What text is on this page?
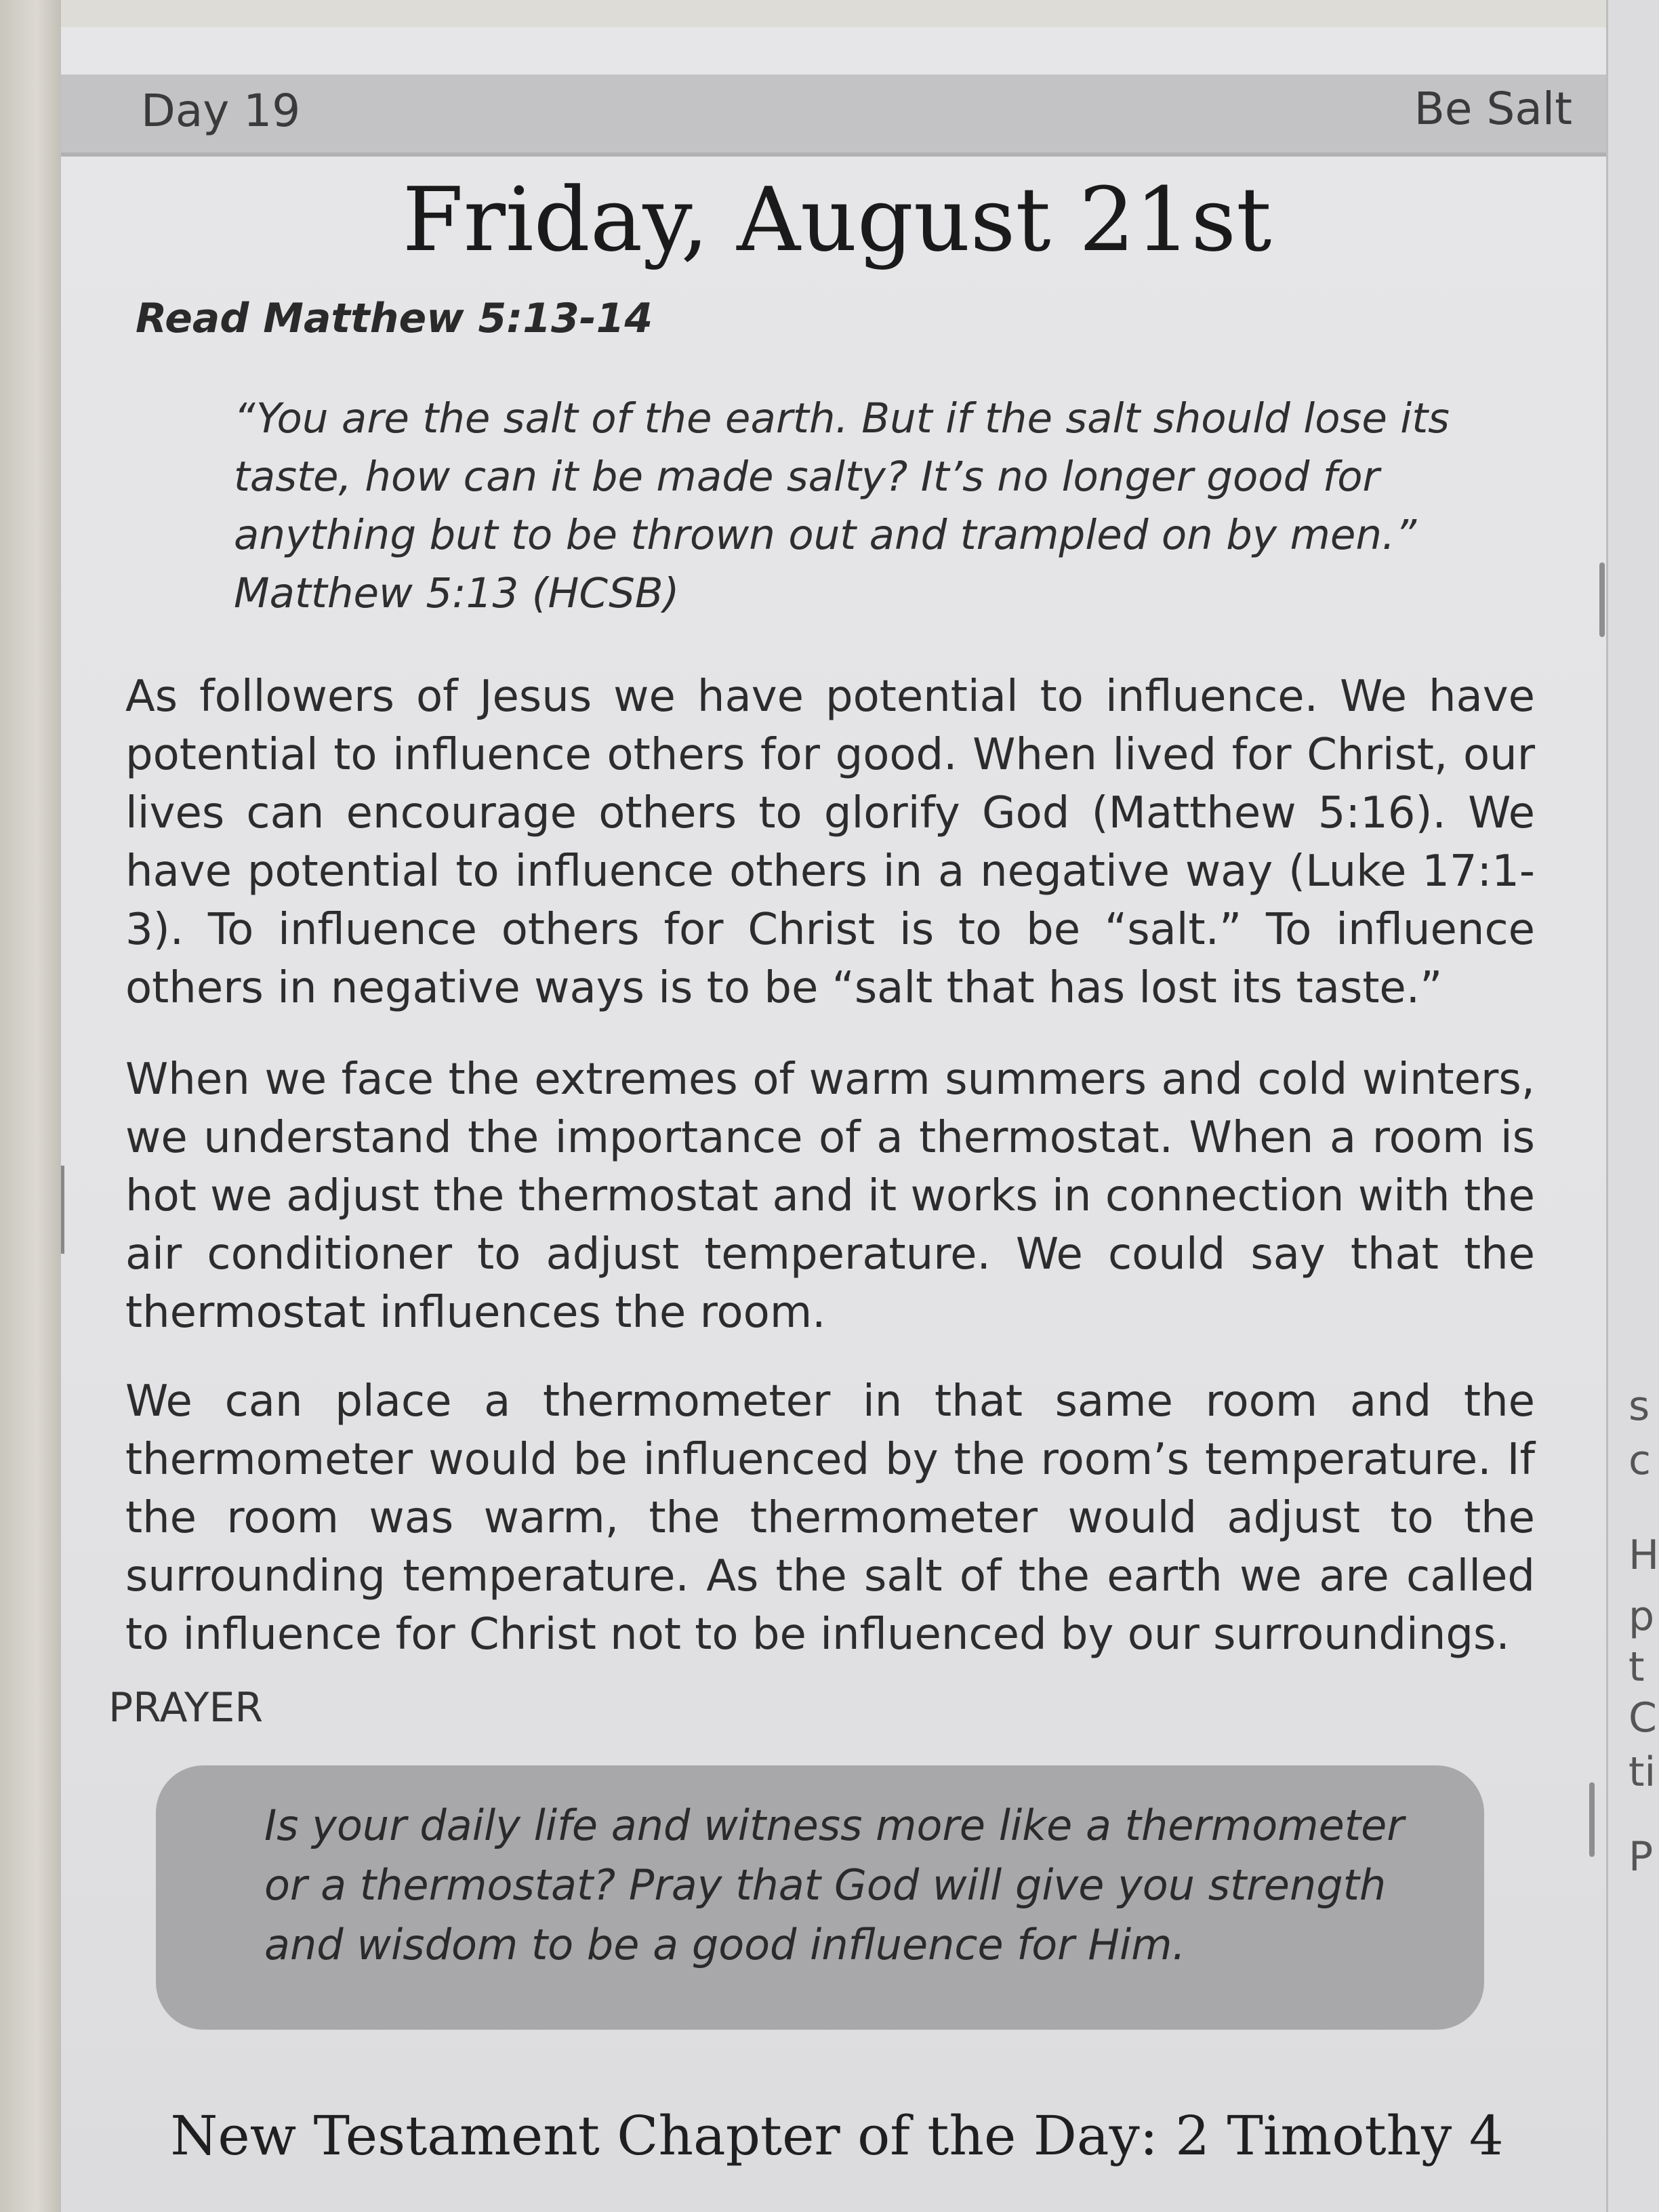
Day 19	Be Salt
Friday, August 21st
Read Matthew 5:13-14
“You are the salt of the earth. But if the salt should lose its taste, how can it be made salty? It’s no longer good for anything but to be thrown out and trampled on by men.”
Matthew 5:13 (HCSB)
As followers of Jesus we have potential to influence. We have potential to influence others for good. When lived for Christ, our lives can encourage others to glorify God (Matthew 5:16). We have potential to influence others in a negative way (Luke 17:1-3). To influence others for Christ is to be “salt.” To influence others in negative ways is to be “salt that has lost its taste.”
When we face the extremes of warm summers and cold winters, we understand the importance of a thermostat. When a room is hot we adjust the thermostat and it works in connection with the air conditioner to adjust temperature. We could say that the thermostat influences the room.
We can place a thermometer in that same room and the thermometer would be influenced by the room’s temperature. If the room was warm, the thermometer would adjust to the surrounding temperature. As the salt of the earth we are called to influence for Christ not to be influenced by our surroundings.
PRAYER
Is your daily life and witness more like a thermometer or a thermostat? Pray that God will give you strength and wisdom to be a good influence for Him.
New Testament Chapter of the Day: 2 Timothy 4
s
c
H
p
t
C
ti
P
